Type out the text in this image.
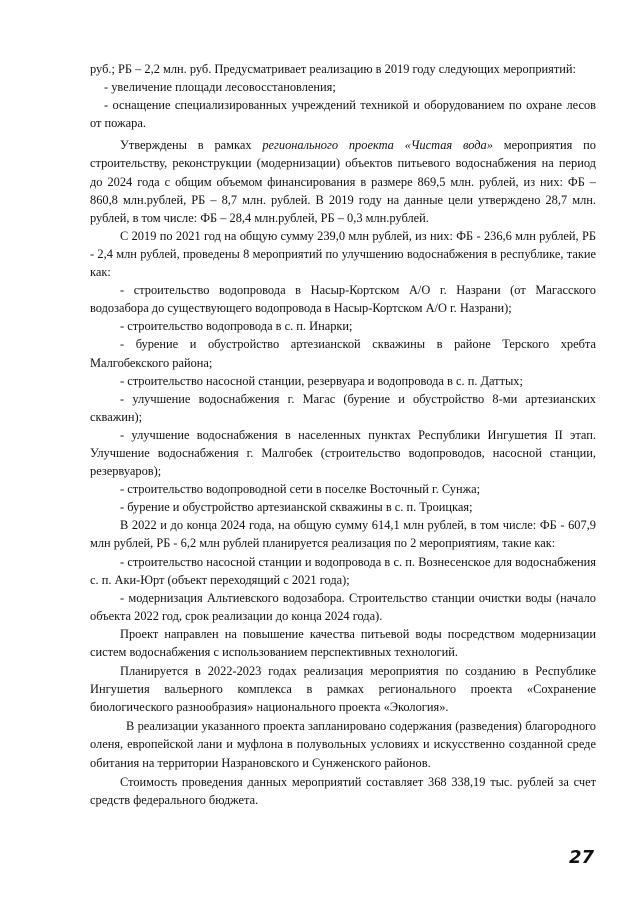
руб.; РБ – 2,2 млн. руб. Предусматривает реализацию в 2019 году следующих мероприятий:

- увеличение площади лесовосстановления;

- оснащение специализированных учреждений техникой и оборудованием по охране лесов от пожара.

Утверждены в рамках регионального проекта «Чистая вода» мероприятия по строительству, реконструкции (модернизации) объектов питьевого водоснабжения на период до 2024 года с общим объемом финансирования в размере 869,5 млн. рублей, из них: ФБ – 860,8 млн.рублей, РБ – 8,7 млн. рублей. В 2019 году на данные цели утверждено 28,7 млн. рублей, в том числе: ФБ – 28,4 млн.рублей, РБ – 0,3 млн.рублей.

С 2019 по 2021 год на общую сумму 239,0 млн рублей, из них: ФБ - 236,6 млн рублей, РБ - 2,4 млн рублей, проведены 8 мероприятий по улучшению водоснабжения в республике, такие как:

- строительство водопровода в Насыр-Кортском А/О г. Назрани (от Магасского водозабора до существующего водопровода в Насыр-Кортском А/О г. Назрани);

- строительство водопровода в с. п. Инарки;

- бурение и обустройство артезианской скважины в районе Терского хребта Малгобекского района;

- строительство насосной станции, резервуара и водопровода в с. п. Даттых;

- улучшение водоснабжения г. Магас (бурение и обустройство 8-ми артезианских скважин);

- улучшение водоснабжения в населенных пунктах Республики Ингушетия II этап. Улучшение водоснабжения г. Малгобек (строительство водопроводов, насосной станции, резервуаров);

- строительство водопроводной сети в поселке Восточный г. Сунжа;

- бурение и обустройство артезианской скважины в с. п. Троицкая;

В 2022 и до конца 2024 года, на общую сумму 614,1 млн рублей, в том числе: ФБ - 607,9 млн рублей, РБ - 6,2 млн рублей планируется реализация по 2 мероприятиям, такие как:

- строительство насосной станции и водопровода в с. п. Вознесенское для водоснабжения с. п. Аки-Юрт (объект переходящий с 2021 года);

- модернизация Альтиевского водозабора. Строительство станции очистки воды (начало объекта 2022 год, срок реализации до конца 2024 года).

Проект направлен на повышение качества питьевой воды посредством модернизации систем водоснабжения с использованием перспективных технологий.

Планируется в 2022-2023 годах реализация мероприятия по созданию в Республике Ингушетия вальерного комплекса в рамках регионального проекта «Сохранение биологического разнообразия» национального проекта «Экология».

В реализации указанного проекта запланировано содержания (разведения) благородного оленя, европейской лани и муфлона в полувольных условиях и искусственно созданной среде обитания на территории Назрановского и Сунженского районов.

Стоимость проведения данных мероприятий составляет 368 338,19 тыс. рублей за счет средств федерального бюджета.

27
